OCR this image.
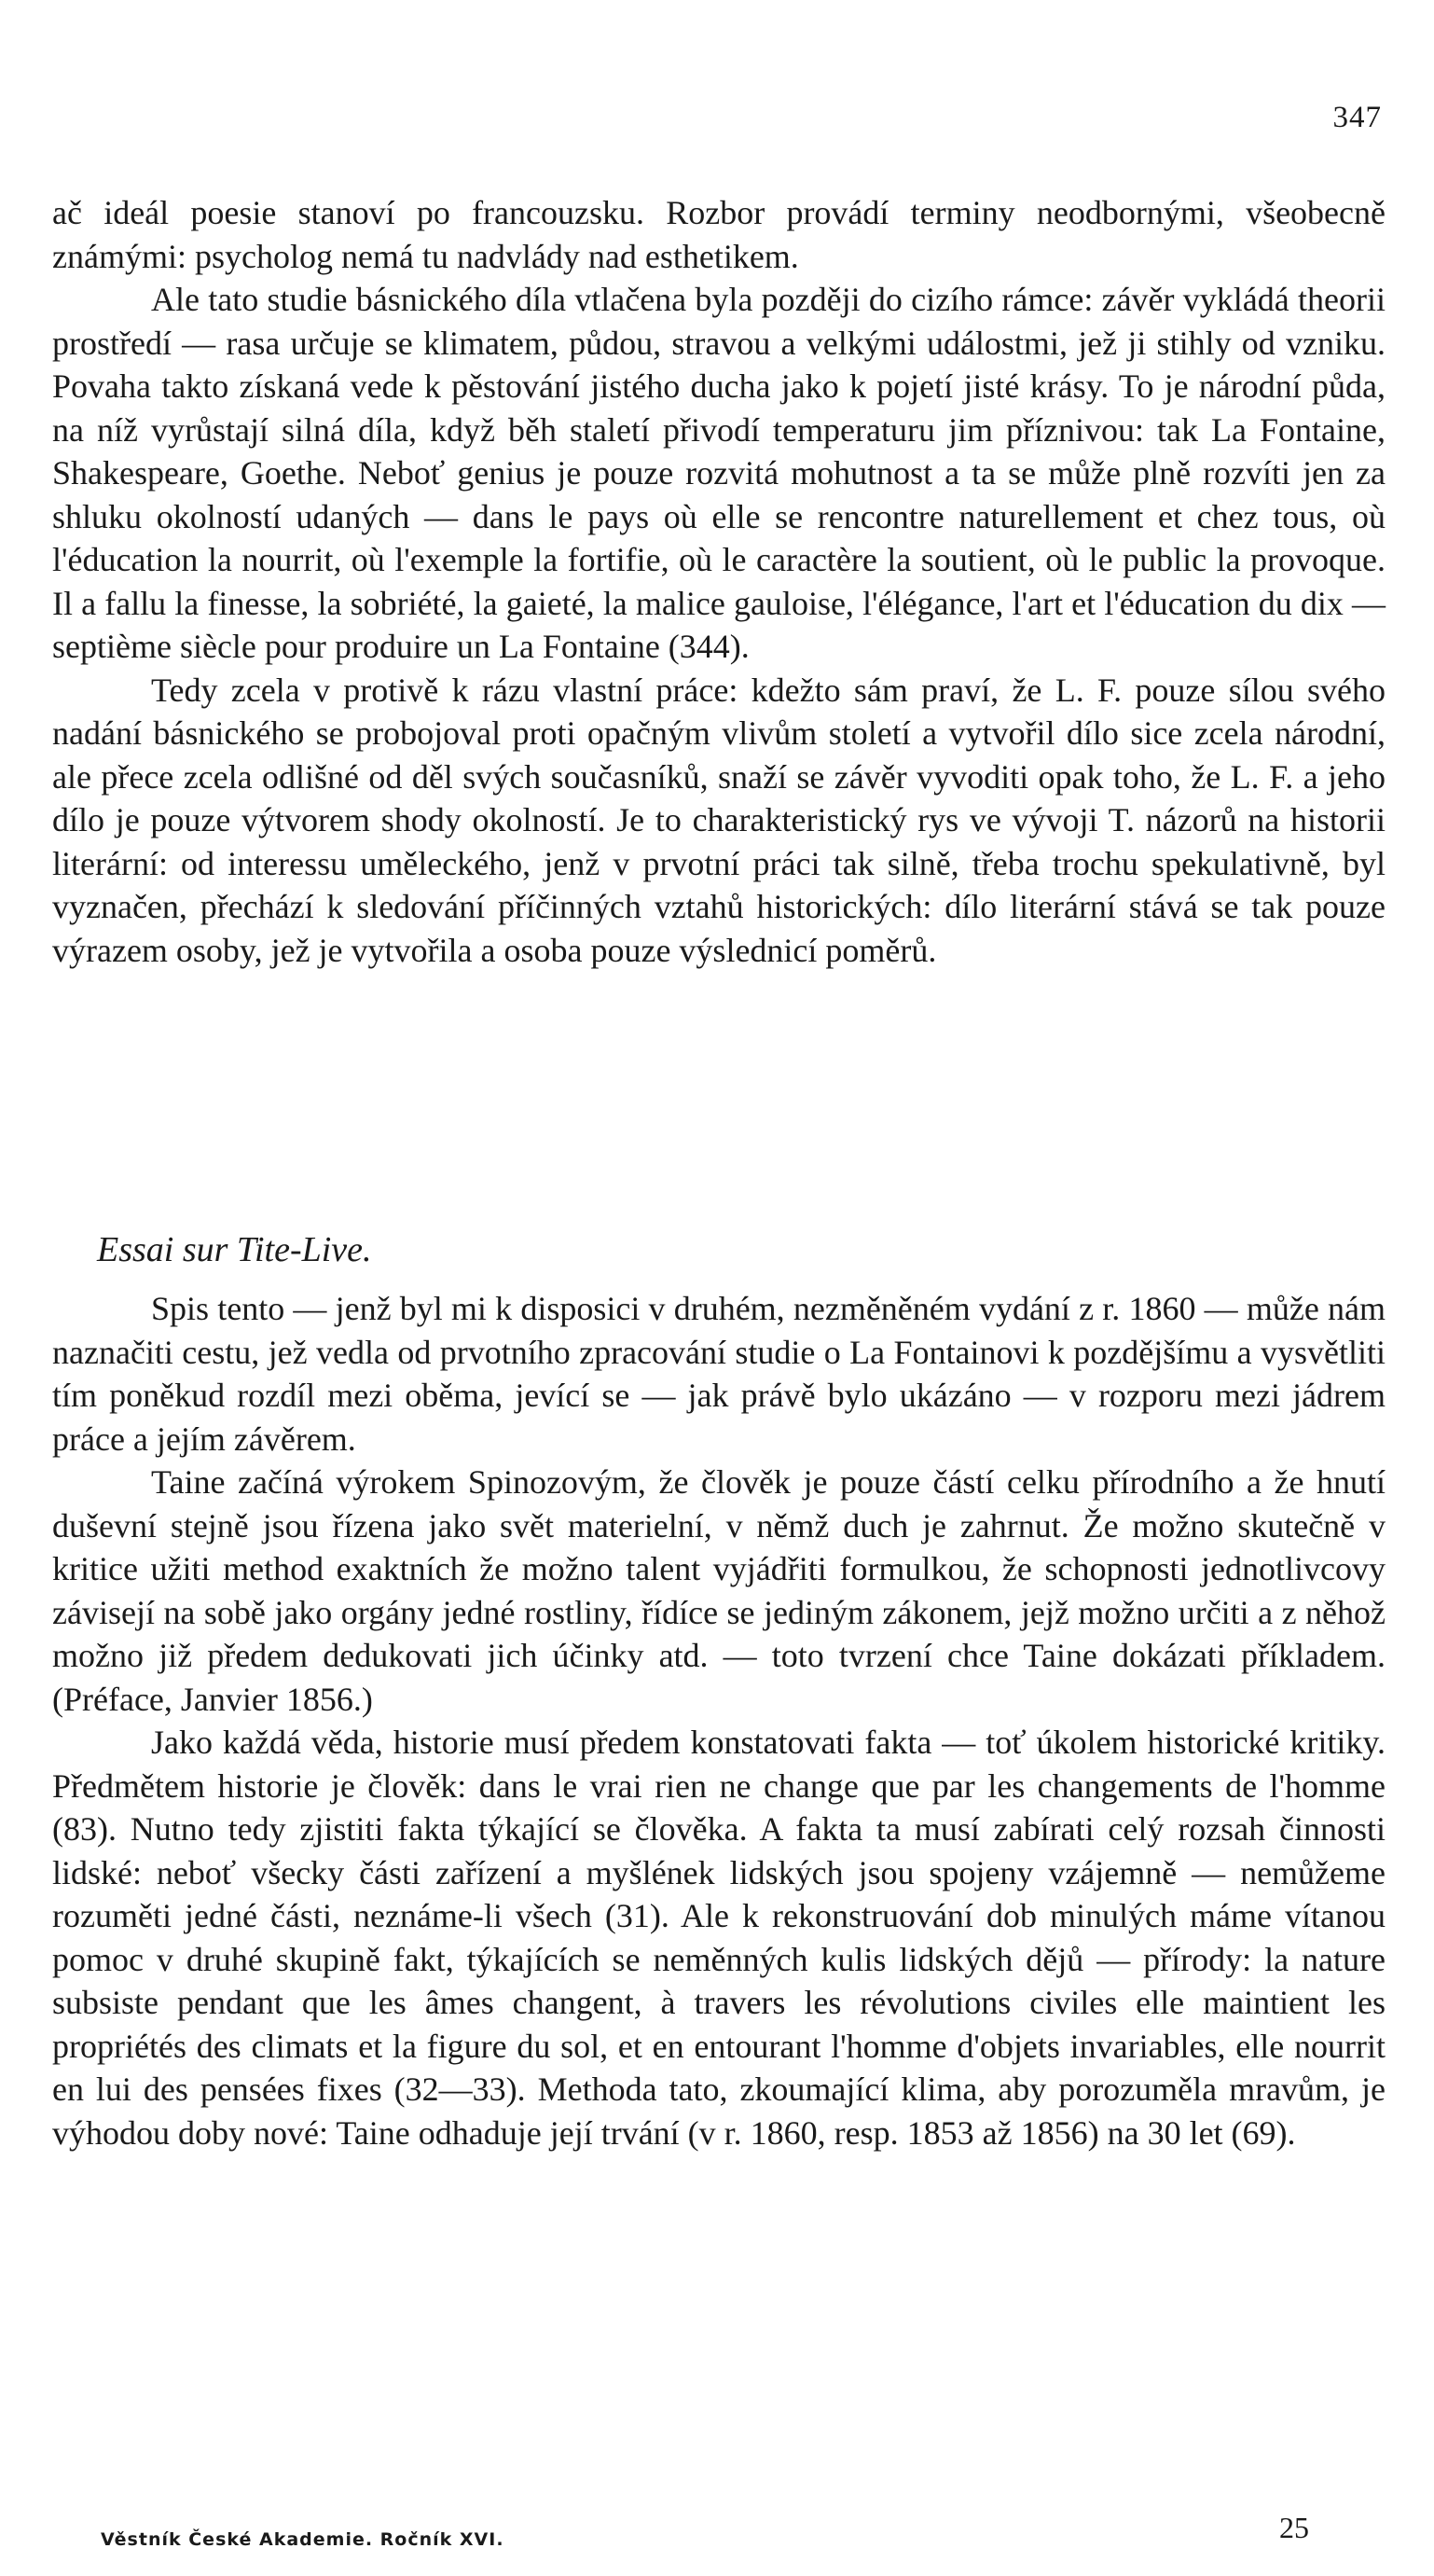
347

ač ideál poesie stanoví po francouzsku. Rozbor provádí terminy neodbornými, všeobecně známými: psycholog nemá tu nadvlády nad esthetikem.

Ale tato studie básnického díla vtlačena byla později do cizího rámce: závěr vykládá theorii prostředí — rasa určuje se klimatem, půdou, stravou a velkými událostmi, jež ji stihly od vzniku. Povaha takto získaná vede k pěstování jistého ducha jako k pojetí jisté krásy. To je národní půda, na níž vyrůstají silná díla, když běh staletí přivodí temperaturu jim příznivou: tak La Fontaine, Shakespeare, Goethe. Neboť genius je pouze rozvitá mohutnost a ta se může plně rozvíti jen za shluku okolností udaných — dans le pays où elle se rencontre naturellement et chez tous, où l'éducation la nourrit, où l'exemple la fortifie, où le caractère la soutient, où le public la provoque. Il a fallu la finesse, la sobriété, la gaieté, la malice gauloise, l'élégance, l'art et l'éducation du dix — septième siècle pour produire un La Fontaine (344).

Tedy zcela v protivě k rázu vlastní práce: kdežto sám praví, že L. F. pouze sílou svého nadání básnického se probojoval proti opačným vlivům století a vytvořil dílo sice zcela národní, ale přece zcela odlišné od děl svých současníků, snaží se závěr vyvoditi opak toho, že L. F. a jeho dílo je pouze výtvorem shody okolností. Je to charakteristický rys ve vývoji T. názorů na historii literární: od interessu uměleckého, jenž v prvotní práci tak silně, třeba trochu spekulativně, byl vyznačen, přechází k sledování příčinných vztahů historických: dílo literární stává se tak pouze výrazem osoby, jež je vytvořila a osoba pouze výslednicí poměrů.

Essai sur Tite-Live.

Spis tento — jenž byl mi k disposici v druhém, nezměněném vydání z r. 1860 — může nám naznačiti cestu, jež vedla od prvotního zpracování studie o La Fontainovi k pozdějšímu a vysvětliti tím poněkud rozdíl mezi oběma, jevící se — jak právě bylo ukázáno — v rozporu mezi jádrem práce a jejím závěrem.

Taine začíná výrokem Spinozovým, že člověk je pouze částí celku přírodního a že hnutí duševní stejně jsou řízena jako svět materielní, v němž duch je zahrnut. Že možno skutečně v kritice užiti method exaktních že možno talent vyjádřiti formulkou, že schopnosti jednotlivcovy závisejí na sobě jako orgány jedné rostliny, řídíce se jediným zákonem, jejž možno určiti a z něhož možno již předem dedukovati jich účinky atd. — toto tvrzení chce Taine dokázati příkladem. (Préface, Janvier 1856.)

Jako každá věda, historie musí předem konstatovati fakta — toť úkolem historické kritiky. Předmětem historie je člověk: dans le vrai rien ne change que par les changements de l'homme (83). Nutno tedy zjistiti fakta týkající se člověka. A fakta ta musí zabírati celý rozsah činnosti lidské: neboť všecky části zařízení a myšlének lidských jsou spojeny vzájemně — nemůžeme rozuměti jedné části, neznáme-li všech (31). Ale k rekonstruování dob minulých máme vítanou pomoc v druhé skupině fakt, týkajících se neměnných kulis lidských dějů — přírody: la nature subsiste pendant que les âmes changent, à travers les révolutions civiles elle maintient les propriétés des climats et la figure du sol, et en entourant l'homme d'objets invariables, elle nourrit en lui des pensées fixes (32—33). Methoda tato, zkoumající klima, aby porozuměla mravům, je výhodou doby nové: Taine odhaduje její trvání (v r. 1860, resp. 1853 až 1856) na 30 let (69).

Věstník České Akademie. Ročník XVI.	25
